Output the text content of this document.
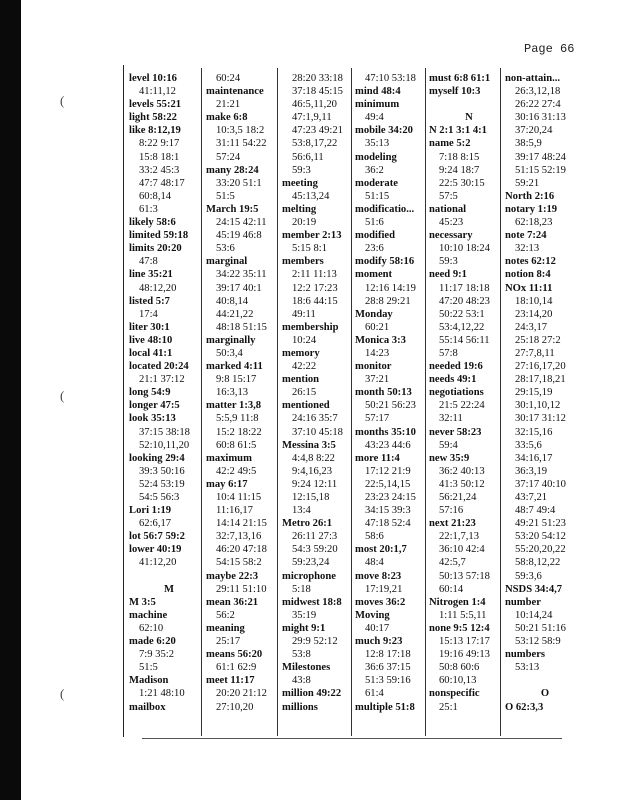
(
(
(
Page 66
level 10:16
41:11,12
levels 55:21
light 58:22
like 8:12,19
8:22 9:17
15:8 18:1
33:2 45:3
47:7 48:17
60:8,14
61:3
likely 58:6
limited 59:18
limits 20:20
47:8
line 35:21
48:12,20
listed 5:7
17:4
liter 30:1
live 48:10
local 41:1
located 20:24
21:1 37:12
long 54:9
longer 47:5
look 35:13
37:15 38:18
52:10,11,20
looking 29:4
39:3 50:16
52:4 53:19
54:5 56:3
Lori 1:19
62:6,17
lot 56:7 59:2
lower 40:19
41:12,20
M
M 3:5
machine
62:10
made 6:20
7:9 35:2
51:5
Madison
1:21 48:10
mailbox
60:24
maintenance
21:21
make 6:8
10:3,5 18:2
31:11 54:22
57:24
many 28:24
33:20 51:1
51:5
March 19:5
24:15 42:11
45:19 46:8
53:6
marginal
34:22 35:11
39:17 40:1
40:8,14
44:21,22
48:18 51:15
marginally
50:3,4
marked 4:11
9:8 15:17
16:3,13
matter 1:3,8
5:5,9 11:8
15:2 18:22
60:8 61:5
maximum
42:2 49:5
may 6:17
10:4 11:15
11:16,17
14:14 21:15
32:7,13,16
46:20 47:18
54:15 58:2
maybe 22:3
29:11 51:10
mean 36:21
56:2
meaning
25:17
means 56:20
61:1 62:9
meet 11:17
20:20 21:12
27:10,20
28:20 33:18
37:18 45:15
46:5,11,20
47:1,9,11
47:23 49:21
53:8,17,22
56:6,11
59:3
meeting
45:13,24
melting
20:19
member 2:13
5:15 8:1
members
2:11 11:13
12:2 17:23
18:6 44:15
49:11
membership
10:24
memory
42:22
mention
26:15
mentioned
24:16 35:7
37:10 45:18
Messina 3:5
4:4,8 8:22
9:4,16,23
9:24 12:11
12:15,18
13:4
Metro 26:1
26:11 27:3
54:3 59:20
59:23,24
microphone
5:18
midwest 18:8
35:19
might 9:1
29:9 52:12
53:8
Milestones
43:8
million 49:22
millions
47:10 53:18
mind 48:4
minimum
49:4
mobile 34:20
35:13
modeling
36:2
moderate
51:15
modificatio...
51:6
modified
23:6
modify 58:16
moment
12:16 14:19
28:8 29:21
Monday
60:21
Monica 3:3
14:23
monitor
37:21
month 50:13
50:21 56:23
57:17
months 35:10
43:23 44:6
more 11:4
17:12 21:9
22:5,14,15
23:23 24:15
34:15 39:3
47:18 52:4
58:6
most 20:1,7
48:4
move 8:23
17:19,21
moves 36:2
Moving
40:17
much 9:23
12:8 17:18
36:6 37:15
51:3 59:16
61:4
multiple 51:8
must 6:8 61:1
myself 10:3
N
N 2:1 3:1 4:1
name 5:2
7:18 8:15
9:24 18:7
22:5 30:15
57:5
national
45:23
necessary
10:10 18:24
59:3
need 9:1
11:17 18:18
47:20 48:23
50:22 53:1
53:4,12,22
55:14 56:11
57:8
needed 19:6
needs 49:1
negotiations
21:5 22:24
32:11
never 58:23
59:4
new 35:9
36:2 40:13
41:3 50:12
56:21,24
57:16
next 21:23
22:1,7,13
36:10 42:4
42:5,7
50:13 57:18
60:14
Nitrogen 1:4
1:11 5:5,11
none 9:5 12:4
15:13 17:17
19:16 49:13
50:8 60:6
60:10,13
nonspecific
25:1
non-attain...
26:3,12,18
26:22 27:4
30:16 31:13
37:20,24
38:5,9
39:17 48:24
51:15 52:19
59:21
North 2:16
notary 1:19
62:18,23
note 7:24
32:13
notes 62:12
notion 8:4
NOx 11:11
18:10,14
23:14,20
24:3,17
25:18 27:2
27:7,8,11
27:16,17,20
28:17,18,21
29:15,19
30:1,10,12
30:17 31:12
32:15,16
33:5,6
34:16,17
36:3,19
37:17 40:10
43:7,21
48:7 49:4
49:21 51:23
53:20 54:12
55:20,20,22
58:8,12,22
59:3,6
NSDS 34:4,7
number
10:14,24
50:21 51:16
53:12 58:9
numbers
53:13
O
O 62:3,3
